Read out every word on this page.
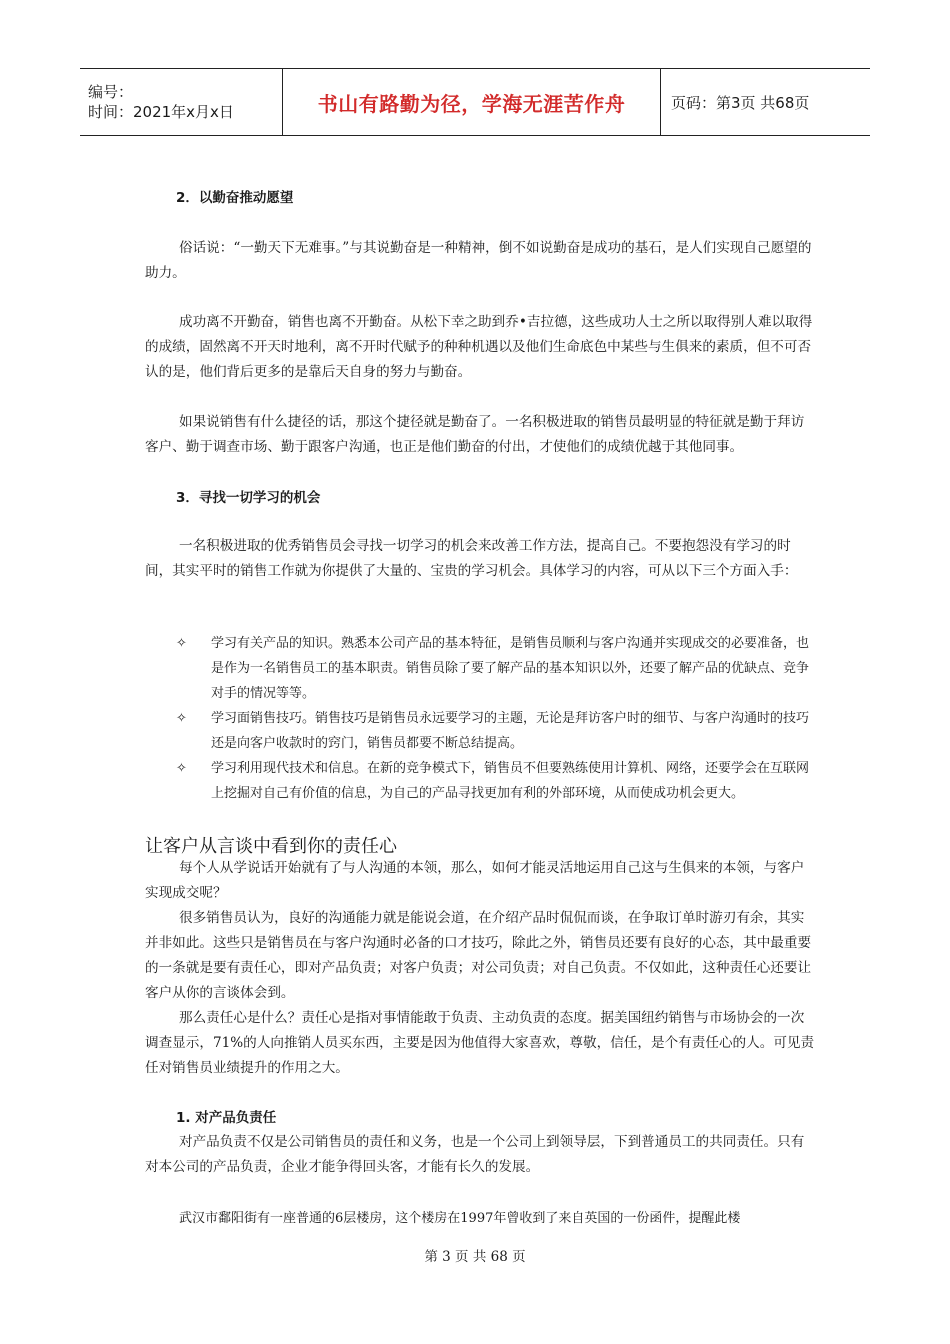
编号：
时间：2021年x月x日	书山有路勤为径，学海无涯苦作舟	页码：第3页 共68页

2．以勤奋推动愿望

俗话说：“一勤天下无难事。”与其说勤奋是一种精神，倒不如说勤奋是成功的基石，是人们实现自己愿望的助力。

成功离不开勤奋，销售也离不开勤奋。从松下幸之助到乔•吉拉德，这些成功人士之所以取得别人难以取得的成绩，固然离不开天时地利，离不开时代赋予的种种机遇以及他们生命底色中某些与生俱来的素质，但不可否认的是，他们背后更多的是靠后天自身的努力与勤奋。

如果说销售有什么捷径的话，那这个捷径就是勤奋了。一名积极进取的销售员最明显的特征就是勤于拜访客户、勤于调查市场、勤于跟客户沟通，也正是他们勤奋的付出，才使他们的成绩优越于其他同事。

3．寻找一切学习的机会

一名积极进取的优秀销售员会寻找一切学习的机会来改善工作方法，提高自己。不要抱怨没有学习的时间，其实平时的销售工作就为你提供了大量的、宝贵的学习机会。具体学习的内容，可从以下三个方面入手：

✧	学习有关产品的知识。熟悉本公司产品的基本特征，是销售员顺利与客户沟通并实现成交的必要准备，也是作为一名销售员工的基本职责。销售员除了要了解产品的基本知识以外，还要了解产品的优缺点、竞争对手的情况等等。
✧	学习面销售技巧。销售技巧是销售员永远要学习的主题，无论是拜访客户时的细节、与客户沟通时的技巧还是向客户收款时的窍门，销售员都要不断总结提高。
✧	学习利用现代技术和信息。在新的竞争模式下，销售员不但要熟练使用计算机、网络，还要学会在互联网上挖掘对自己有价值的信息，为自己的产品寻找更加有利的外部环境，从而使成功机会更大。
让客户从言谈中看到你的责任心

每个人从学说话开始就有了与人沟通的本领，那么，如何才能灵活地运用自己这与生俱来的本领，与客户实现成交呢？

很多销售员认为，良好的沟通能力就是能说会道，在介绍产品时侃侃而谈，在争取订单时游刃有余，其实并非如此。这些只是销售员在与客户沟通时必备的口才技巧，除此之外，销售员还要有良好的心态，其中最重要的一条就是要有责任心，即对产品负责；对客户负责；对公司负责；对自己负责。不仅如此，这种责任心还要让客户从你的言谈体会到。

那么责任心是什么？责任心是指对事情能敢于负责、主动负责的态度。据美国纽约销售与市场协会的一次调查显示，71%的人向推销人员买东西，主要是因为他值得大家喜欢，尊敬，信任，是个有责任心的人。可见责任对销售员业绩提升的作用之大。

1. 对产品负责任

对产品负责不仅是公司销售员的责任和义务，也是一个公司上到领导层，下到普通员工的共同责任。只有对本公司的产品负责，企业才能争得回头客，才能有长久的发展。

武汉市鄱阳街有一座普通的6层楼房，这个楼房在1997年曾收到了来自英国的一份函件，提醒此楼

第 3 页 共 68 页
